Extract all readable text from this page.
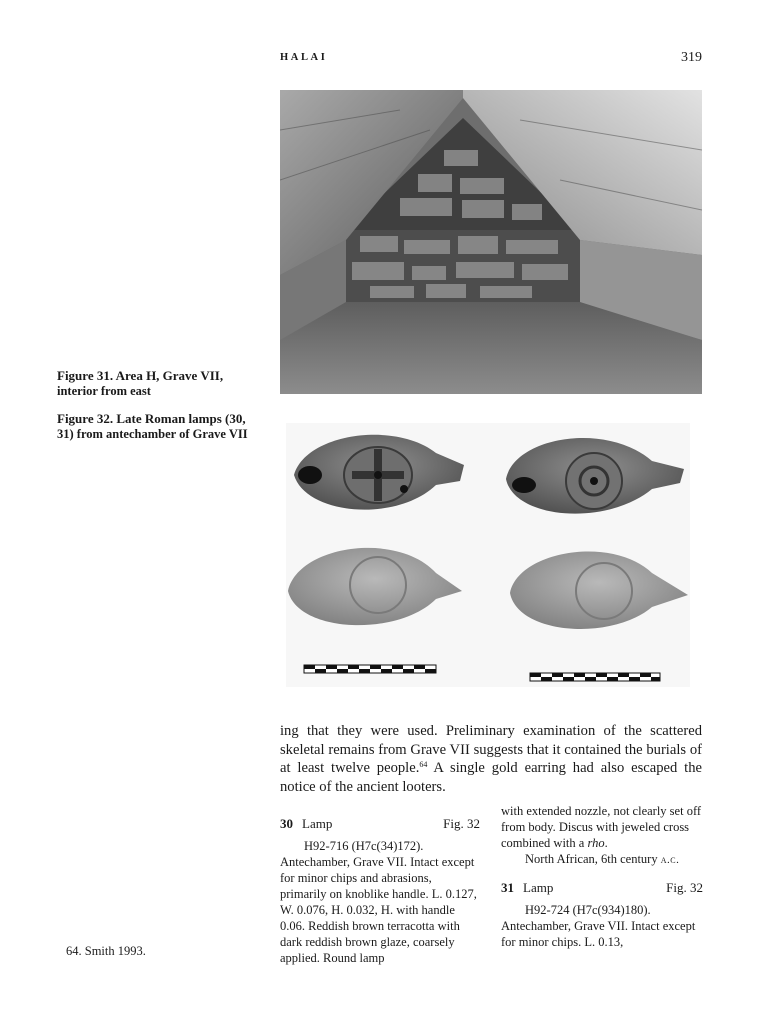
HALAI	319
Figure 31. Area H, Grave VII,
interior from east
Figure 32. Late Roman lamps (30,
31) from antechamber of Grave VII
ing that they were used. Preliminary examination of the scattered skeletal remains from Grave VII suggests that it contained the burials of at least twelve people.$^{64}$ A single gold earring had also escaped the notice of the ancient looters.
30 Lamp	Fig. 32
H92-716 (H7c(34)172).
Antechamber, Grave VII. Intact except for minor chips and abrasions, primarily on knoblike handle. L. 0.127, W. 0.076, H. 0.032, H. with handle 0.06. Reddish brown terracotta with dark reddish brown glaze, coarsely applied. Round lamp
with extended nozzle, not clearly set off from body. Discus with jeweled cross combined with a rho.
North African, 6th century a.c.
31 Lamp	Fig. 32
H92-724 (H7c(934)180).
Antechamber, Grave VII. Intact except for minor chips. L. 0.13,
64. Smith 1993.
